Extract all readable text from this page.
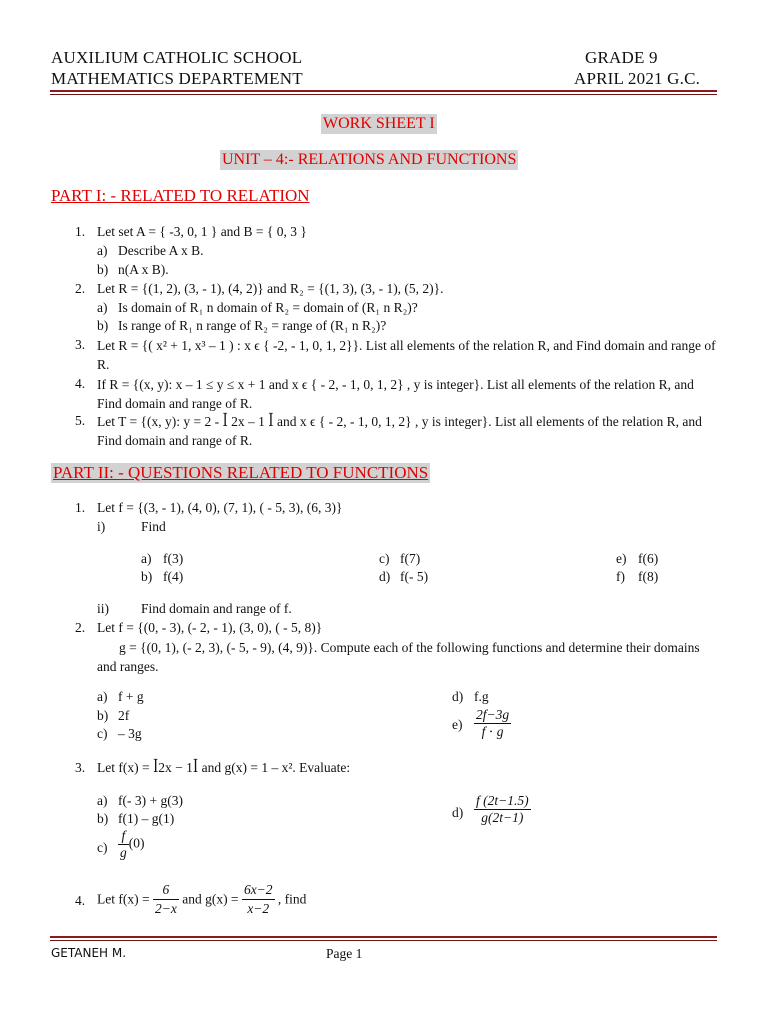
AUXILIUM CATHOLIC SCHOOL
MATHEMATICS DEPARTEMENT
GRADE 9
APRIL 2021 G.C.
WORK SHEET I
UNIT – 4:- RELATIONS AND FUNCTIONS
PART I: - RELATED TO RELATION
1. Let set A = { -3, 0, 1 } and B = { 0, 3 }
a) Describe A x B.
b) n(A x B).
2. Let R = {(1, 2), (3, - 1), (4, 2)} and R₂ = {(1, 3), (3, - 1), (5, 2)}.
a) Is domain of R₁ n domain of R₂ = domain of (R₁ n R₂)?
b) Is range of R₁ n range of R₂ = range of (R₁ n R₂)?
3. Let R = {( x² + 1, x³ – 1 ) : x ϵ { -2, - 1, 0, 1, 2}}. List all elements of the relation R, and Find domain and range of R.
4. If R = {(x, y): x – 1 ≤ y ≤ x + 1 and x ϵ { - 2, - 1, 0, 1, 2} , y is integer}. List all elements of the relation R, and Find domain and range of R.
5. Let T = {(x, y): y = 2 - ꟾ 2x – 1 ꟾ and x ϵ { - 2, - 1, 0, 1, 2} , y is integer}. List all elements of the relation R, and Find domain and range of R.
PART II: - QUESTIONS RELATED TO FUNCTIONS
1. Let f = {(3, - 1), (4, 0), (7, 1), ( - 5, 3), (6, 3)}
i)	Find
a) f(3)
b) f(4)
c) f(7)
d) f(- 5)
e) f(6)
f) f(8)
ii) Find domain and range of f.
2. Let f = {(0, - 3), (- 2, - 1), (3, 0), ( - 5, 8)}
g = {(0, 1), (- 2, 3), (- 5, - 9), (4, 9)}. Compute each of the following functions and determine their domains and ranges.
a) f + g
b) 2f
c) – 3g
d) f.g
$e) \frac{2f-3g}{f \cdot g}$
3. Let f(x) = ꟾ2x − 1ꟾ and g(x) = 1 – x². Evaluate:
a) f(- 3) + g(3)
b) f(1) – g(1)
$c) \frac{f}{g} (0)$
$d) \frac{f (2t-1.5)}{g(2t-1)}$
4. Let $f(x) = \frac{6}{2-x}$ and $g(x) = \frac{6x-2}{x-2}$ , find
GETANEH M.	Page 1
